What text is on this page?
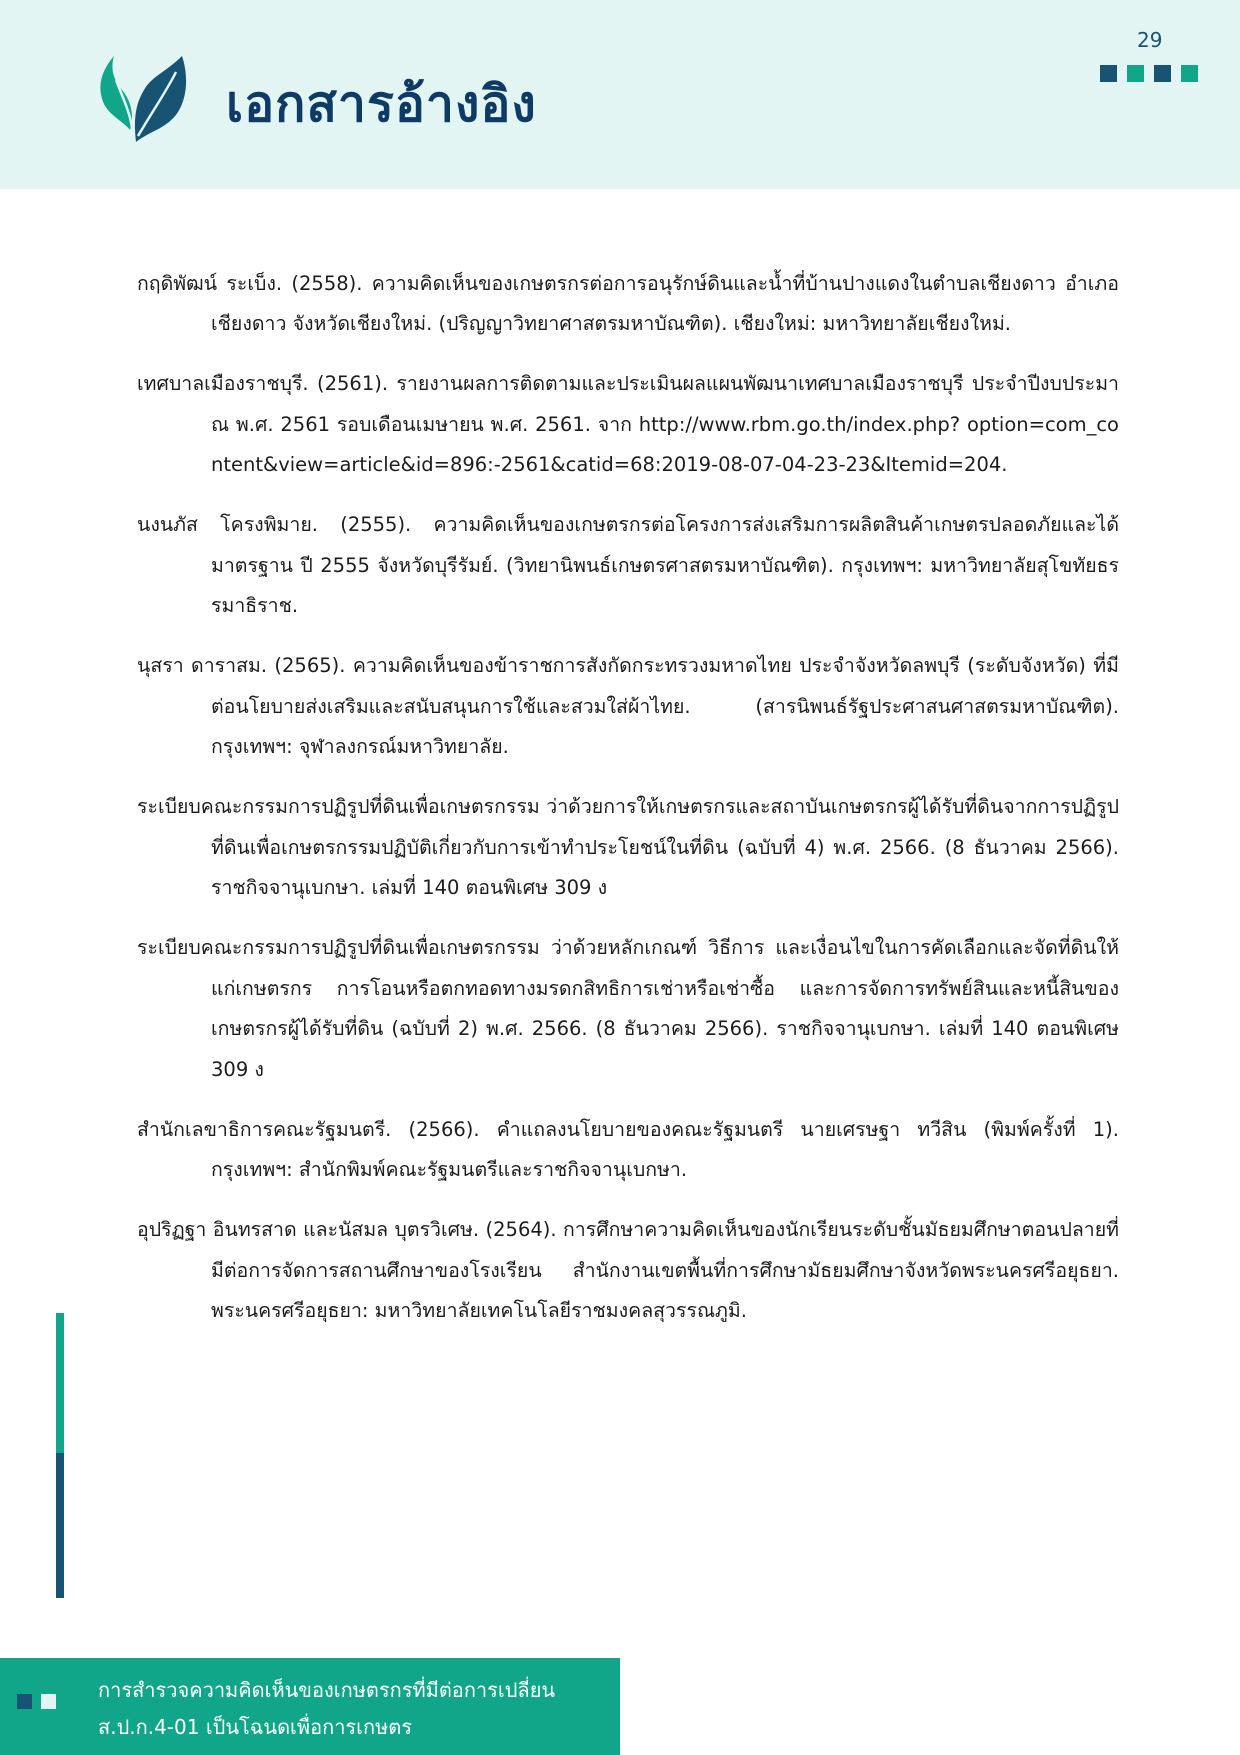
เอกสารอ้างอิง
29

กฤดิพัฒน์ ระเบ็ง. (2558). ความคิดเห็นของเกษตรกรต่อการอนุรักษ์ดินและน้ำที่บ้านปางแดงในตำบลเชียงดาว อำเภอเชียงดาว จังหวัดเชียงใหม่. (ปริญญาวิทยาศาสตรมหาบัณฑิต). เชียงใหม่: มหาวิทยาลัยเชียงใหม่.

เทศบาลเมืองราชบุรี. (2561). รายงานผลการติดตามและประเมินผลแผนพัฒนาเทศบาลเมืองราชบุรี ประจำปีงบประมาณ พ.ศ. 2561 รอบเดือนเมษายน พ.ศ. 2561. จาก http://www.rbm.go.th/index.php? option=com_content&view=article&id=896:-2561&catid=68:2019-08-07-04-23-23&Itemid=204.

นงนภัส โครงพิมาย. (2555). ความคิดเห็นของเกษตรกรต่อโครงการส่งเสริมการผลิตสินค้าเกษตรปลอดภัยและได้มาตรฐาน ปี 2555 จังหวัดบุรีรัมย์. (วิทยานิพนธ์เกษตรศาสตรมหาบัณฑิต). กรุงเทพฯ: มหาวิทยาลัยสุโขทัยธรรมาธิราช.

นุสรา ดาราสม. (2565). ความคิดเห็นของข้าราชการสังกัดกระทรวงมหาดไทย ประจำจังหวัดลพบุรี (ระดับจังหวัด) ที่มีต่อนโยบายส่งเสริมและสนับสนุนการใช้และสวมใส่ผ้าไทย. (สารนิพนธ์รัฐประศาสนศาสตรมหาบัณฑิต). กรุงเทพฯ: จุฬาลงกรณ์มหาวิทยาลัย.

ระเบียบคณะกรรมการปฏิรูปที่ดินเพื่อเกษตรกรรม ว่าด้วยการให้เกษตรกรและสถาบันเกษตรกรผู้ได้รับที่ดินจากการปฏิรูปที่ดินเพื่อเกษตรกรรมปฏิบัติเกี่ยวกับการเข้าทำประโยชน์ในที่ดิน (ฉบับที่ 4) พ.ศ. 2566. (8 ธันวาคม 2566). ราชกิจจานุเบกษา. เล่มที่ 140 ตอนพิเศษ 309 ง

ระเบียบคณะกรรมการปฏิรูปที่ดินเพื่อเกษตรกรรม ว่าด้วยหลักเกณฑ์ วิธีการ และเงื่อนไขในการคัดเลือกและจัดที่ดินให้แก่เกษตรกร การโอนหรือตกทอดทางมรดกสิทธิการเช่าหรือเช่าซื้อ และการจัดการทรัพย์สินและหนี้สินของเกษตรกรผู้ได้รับที่ดิน (ฉบับที่ 2) พ.ศ. 2566. (8 ธันวาคม 2566). ราชกิจจานุเบกษา. เล่มที่ 140 ตอนพิเศษ 309 ง

สำนักเลขาธิการคณะรัฐมนตรี. (2566). คำแถลงนโยบายของคณะรัฐมนตรี นายเศรษฐา ทวีสิน (พิมพ์ครั้งที่ 1). กรุงเทพฯ: สำนักพิมพ์คณะรัฐมนตรีและราชกิจจานุเบกษา.

อุปริฏฐา อินทรสาด และนัสมล บุตรวิเศษ. (2564). การศึกษาความคิดเห็นของนักเรียนระดับชั้นมัธยมศึกษาตอนปลายที่มีต่อการจัดการสถานศึกษาของโรงเรียน สำนักงานเขตพื้นที่การศึกษามัธยมศึกษาจังหวัดพระนครศรีอยุธยา. พระนครศรีอยุธยา: มหาวิทยาลัยเทคโนโลยีราชมงคลสุวรรณภูมิ.

การสำรวจความคิดเห็นของเกษตรกรที่มีต่อการเปลี่ยน
ส.ป.ก.4-01 เป็นโฉนดเพื่อการเกษตร
